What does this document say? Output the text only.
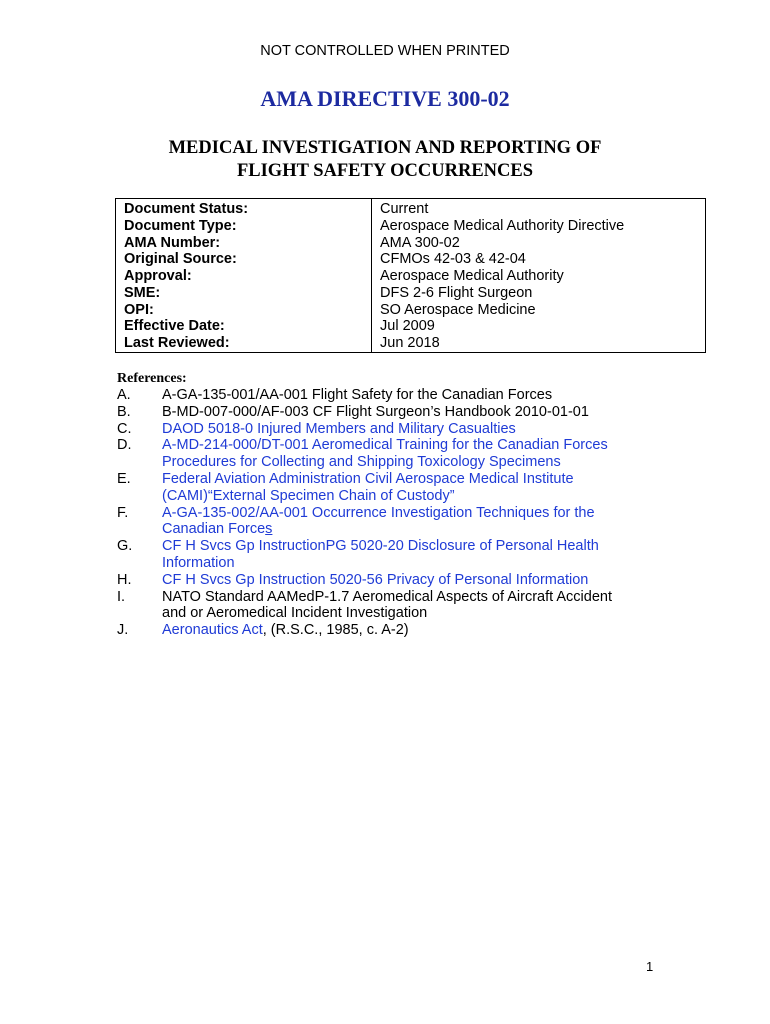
NOT CONTROLLED WHEN PRINTED
AMA DIRECTIVE 300-02
MEDICAL INVESTIGATION AND REPORTING OF
FLIGHT SAFETY OCCURRENCES
Document Status:	Current
Document Type:	Aerospace Medical Authority Directive
AMA Number:	AMA 300-02
Original Source:	CFMOs 42-03 & 42-04
Approval:	Aerospace Medical Authority
SME:	DFS 2-6 Flight Surgeon
OPI:	SO Aerospace Medicine
Effective Date:	Jul 2009
Last Reviewed:	Jun 2018
References:
A. A-GA-135-001/AA-001 Flight Safety for the Canadian Forces
B. B-MD-007-000/AF-003 CF Flight Surgeon’s Handbook 2010-01-01
C. DAOD 5018-0 Injured Members and Military Casualties
D. A-MD-214-000/DT-001 Aeromedical Training for the Canadian Forces
Procedures for Collecting and Shipping Toxicology Specimens
E. Federal Aviation Administration Civil Aerospace Medical Institute
(CAMI)“External Specimen Chain of Custody”
F. A-GA-135-002/AA-001 Occurrence Investigation Techniques for the
Canadian Forces
G. CF H Svcs Gp InstructionPG 5020-20 Disclosure of Personal Health
Information
H. CF H Svcs Gp Instruction 5020-56 Privacy of Personal Information
I.	NATO Standard AAMedP-1.7 Aeromedical Aspects of Aircraft Accident
and or Aeromedical Incident Investigation
J. Aeronautics Act, (R.S.C., 1985, c. A-2)
1
